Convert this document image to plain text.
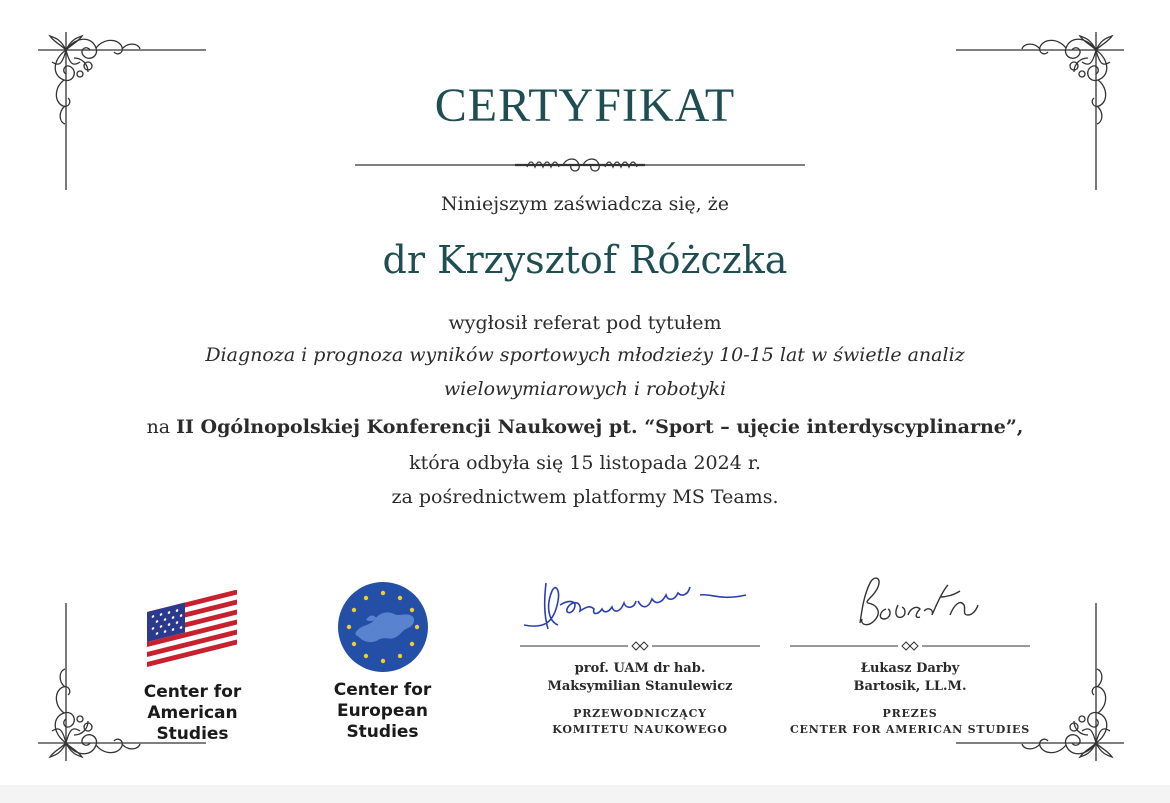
CERTYFIKAT
Niniejszym zaświadcza się, że
dr Krzysztof Różczka
wygłosił referat pod tytułem
Diagnoza i prognoza wyników sportowych młodzieży 10-15 lat w świetle analiz
wielowymiarowych i robotyki
na II Ogólnopolskiej Konferencji Naukowej pt. “Sport – ujęcie interdyscyplinarne”,
która odbyła się 15 listopada 2024 r.
za pośrednictwem platformy MS Teams.
Center for
American Studies
Center for
European Studies
prof. UAM dr hab.
Maksymilian Stanulewicz
PRZEWODNICZĄCY
KOMITETU NAUKOWEGO
Łukasz Darby
Bartosik, LL.M.
PREZES
CENTER FOR AMERICAN STUDIES
